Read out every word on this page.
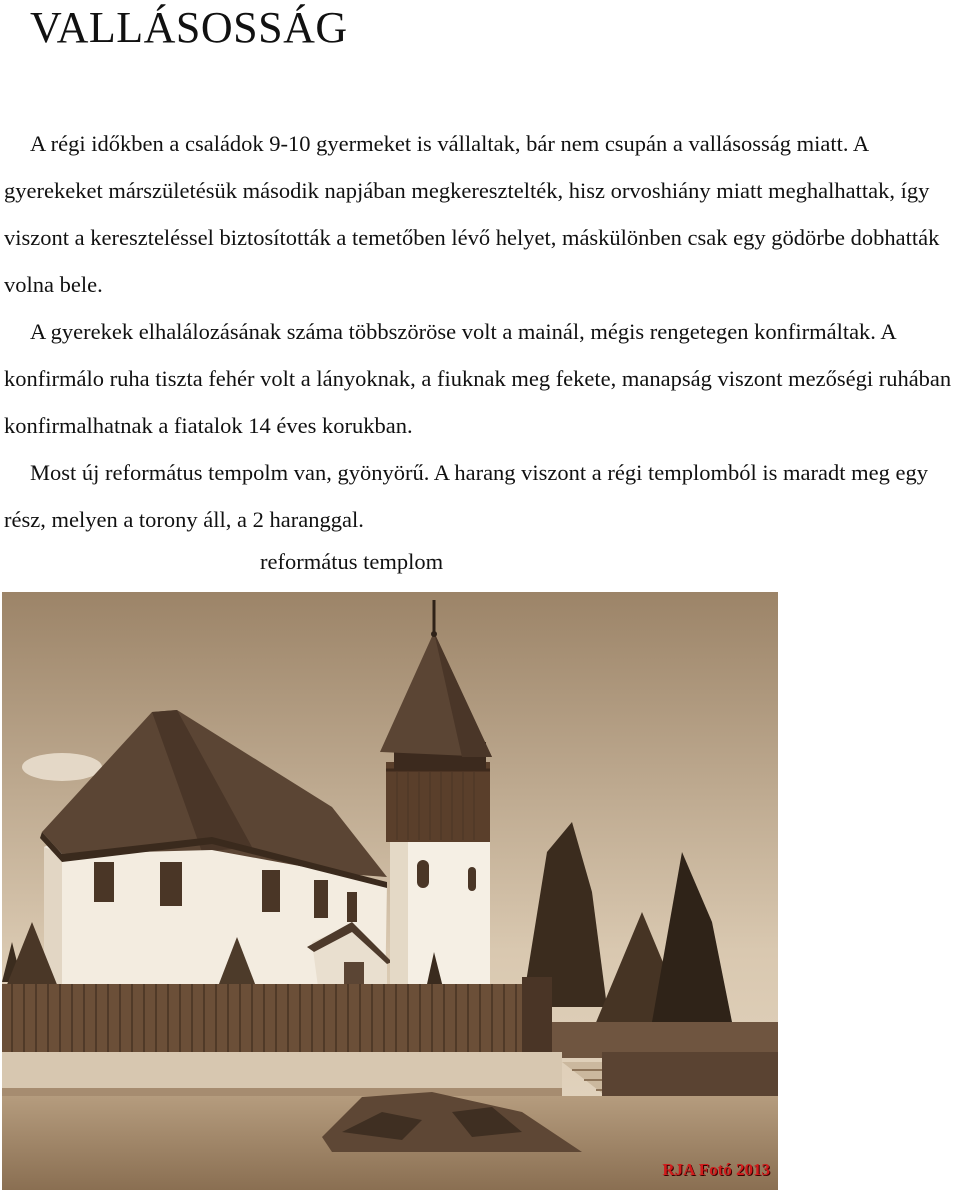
VALLÁSOSSÁG

A régi időkben a családok 9-10 gyermeket is vállaltak, bár nem csupán a vallásosság miatt. A gyerekeket márszületésük második napjában megkeresztelték, hisz orvoshiány miatt meghalhattak, így viszont a kereszteléssel biztosították a temetőben lévő helyet, máskülönben csak egy gödörbe dobhatták volna bele.

A gyerekek elhalálozásának száma többszöröse volt a mainál, mégis rengetegen konfirmáltak. A konfirmálo ruha tiszta fehér volt a lányoknak, a fiuknak meg fekete, manapság viszont mezőségi ruhában konfirmalhatnak a fiatalok 14 éves korukban.

Most új református tempolm van, gyönyörű. A harang viszont a régi templomból is maradt meg egy rész, melyen a torony áll, a 2 haranggal.

református templom
RJA Fotó 2013
